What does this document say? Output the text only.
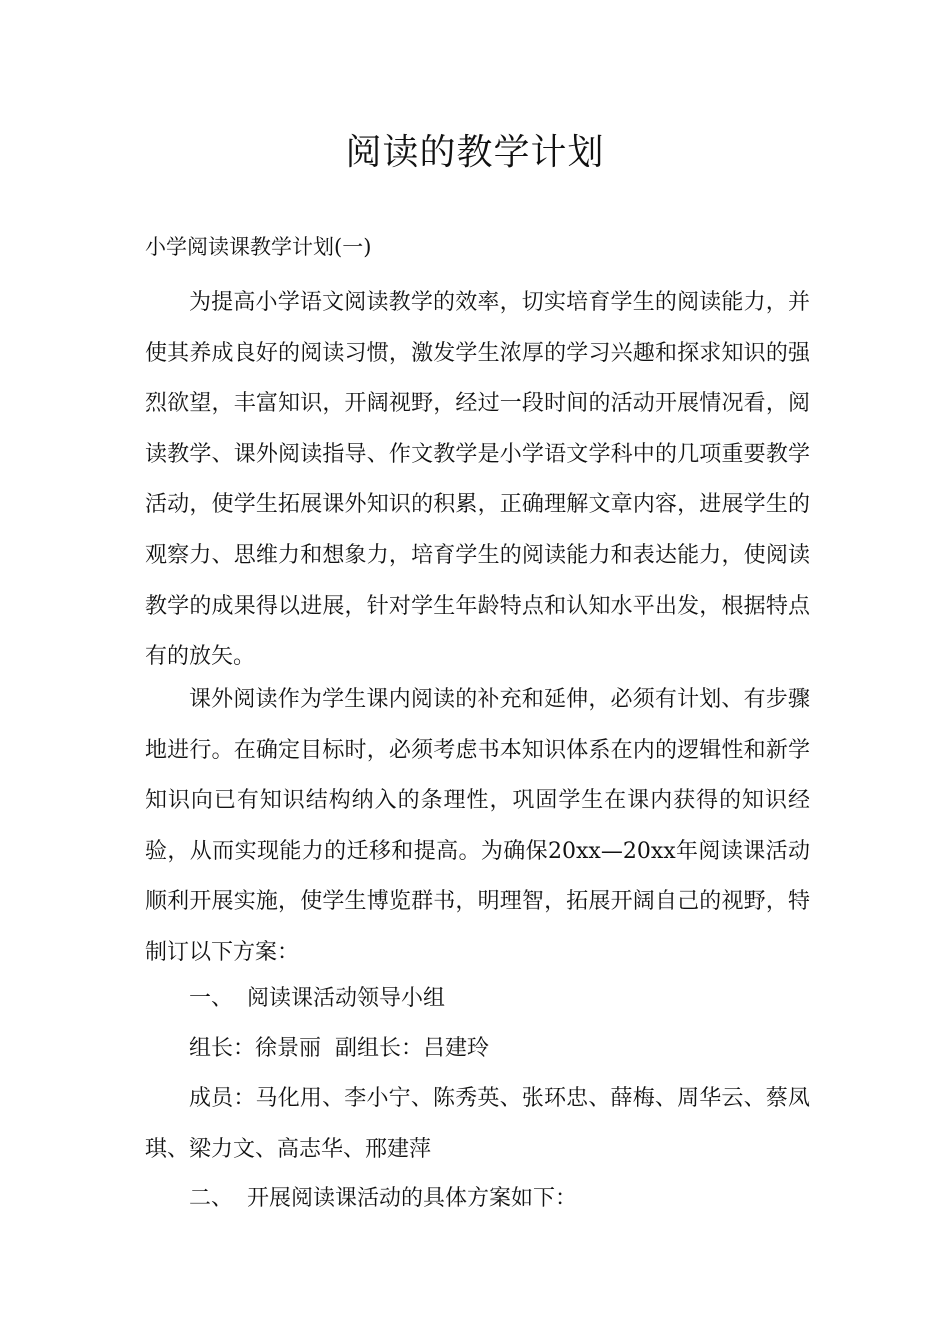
阅读的教学计划

小学阅读课教学计划(一)

为提高小学语文阅读教学的效率，切实培育学生的阅读能力，并使其养成良好的阅读习惯，激发学生浓厚的学习兴趣和探求知识的强烈欲望，丰富知识，开阔视野，经过一段时间的活动开展情况看，阅读教学、课外阅读指导、作文教学是小学语文学科中的几项重要教学活动，使学生拓展课外知识的积累，正确理解文章内容，进展学生的观察力、思维力和想象力，培育学生的阅读能力和表达能力，使阅读教学的成果得以进展，针对学生年龄特点和认知水平出发，根据特点有的放矢。

课外阅读作为学生课内阅读的补充和延伸，必须有计划、有步骤地进行。在确定目标时，必须考虑书本知识体系在内的逻辑性和新学知识向已有知识结构纳入的条理性，巩固学生在课内获得的知识经验，从而实现能力的迁移和提高。为确保20xx—20xx年阅读课活动顺利开展实施，使学生博览群书，明理智，拓展开阔自己的视野，特制订以下方案：

一、  阅读课活动领导小组

组长：徐景丽  副组长：吕建玲

成员：马化用、李小宁、陈秀英、张环忠、薛梅、周华云、蔡凤琪、梁力文、高志华、邢建萍

二、  开展阅读课活动的具体方案如下：
